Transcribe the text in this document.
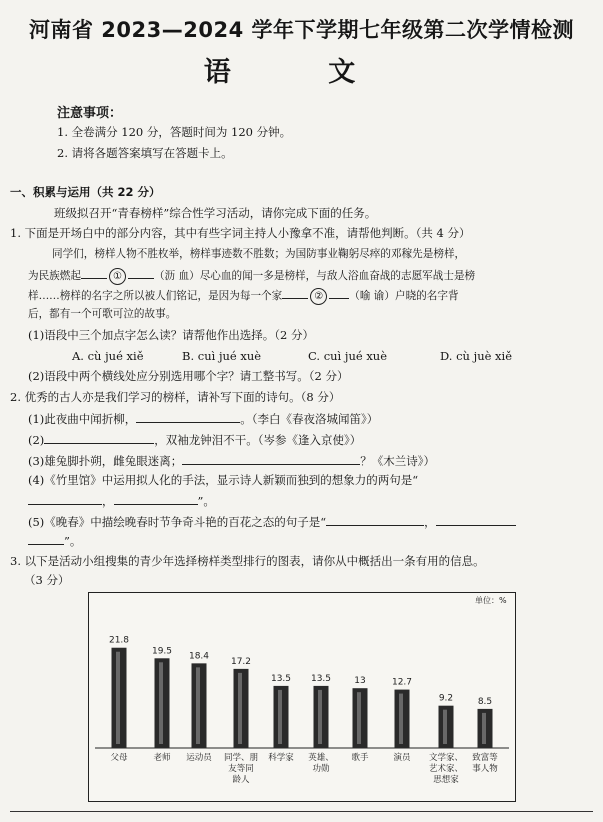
河南省 2023—2024 学年下学期七年级第二次学情检测
语 文
注意事项：
1. 全卷满分 120 分，答题时间为 120 分钟。
2. 请将各题答案填写在答题卡上。
一、积累与运用（共 22 分）
班级拟召开“青春榜样”综合性学习活动，请你完成下面的任务。
1. 下面是开场白中的部分内容，其中有些字词主持人小豫拿不准，请帮他判断。（共 4 分）
同学们，榜样人物不胜枚举，榜样事迹数不胜数；为国防事业鞠躬尽瘁的邓稼先是榜样，
为民族燃起	①	（沥 血）尽心血的闻一多是榜样，与敌人浴血奋战的志愿军战士是榜
样……榜样的名字之所以被人们铭记，是因为每一个家	② （喻 谕）户晓的名字背
后，都有一个可歌可泣的故事。
(1)语段中三个加点字怎么读？请帮他作出选择。（2 分）
A. cù jué xiě	B. cuì jué xuè	C. cuì jué xuè	D. cù juè xiě
(2)语段中两个横线处应分别选用哪个字？请工整书写。（2 分）
2. 优秀的古人亦是我们学习的榜样，请补写下面的诗句。（8 分）
(1)此夜曲中闻折柳，	。（李白《春夜洛城闻笛》）
(2)	，双袖龙钟泪不干。（岑参《逢入京使》）
(3)雄兔脚扑朔，雌兔眼迷离；	？《木兰诗》）
(4)《竹里馆》中运用拟人化的手法，显示诗人新颖而独到的想象力的两句是“
，	”。
(5)《晚春》中描绘晚春时节争奇斗艳的百花之态的句子是“	，
”。
3. 以下是活动小组搜集的青少年选择榜样类型排行的图表，请你从中概括出一条有用的信息。
（3 分）
单位：%
21.8
父母
19.5
老师
18.4
运动员
17.2
同学、朋
友等同
龄人
13.5
科学家
13.5
英雄、
功勋
13
歌手
12.7
演员
9.2
文学家、
艺术家、
思想家
8.5
致富等
事人物
